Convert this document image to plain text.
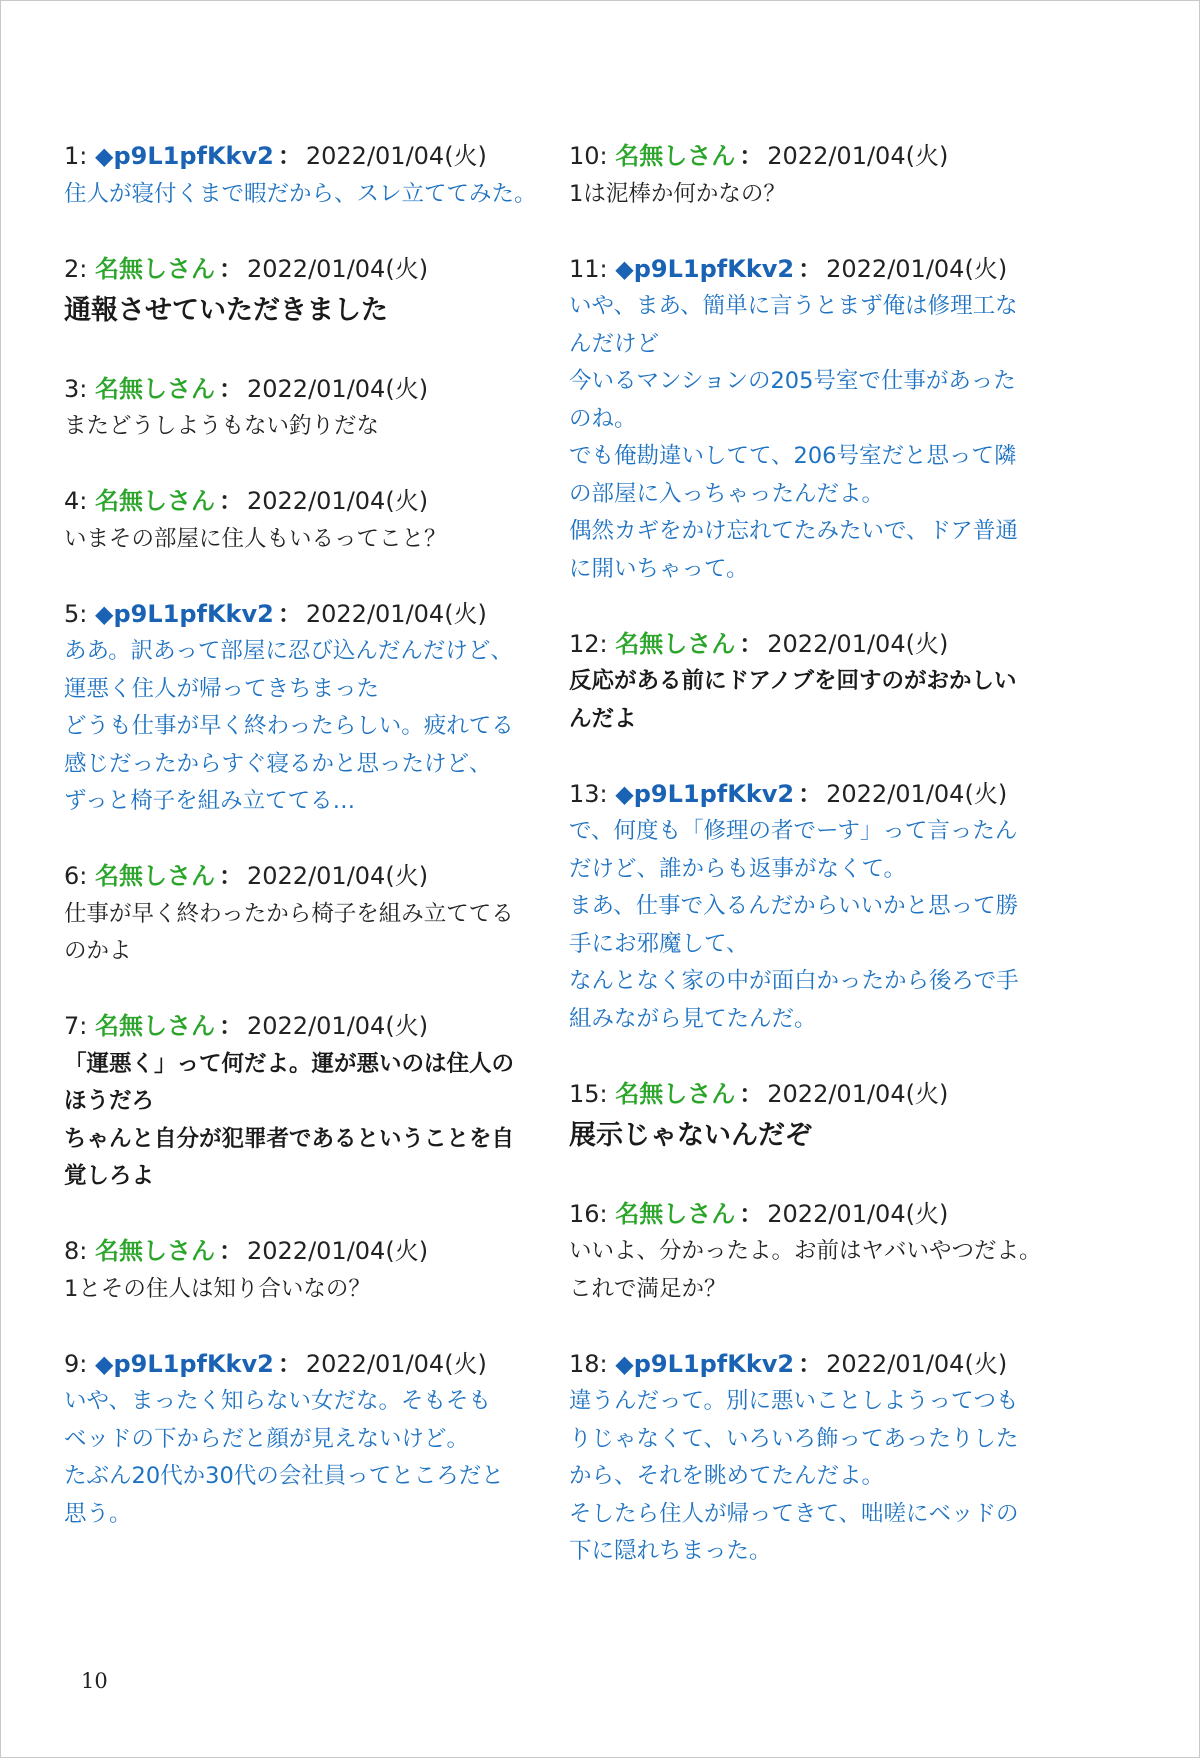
1: ◆p9L1pfKkv2 ： 2022/01/04(火)
住人が寝付くまで暇だから、スレ立ててみた。
2: 名無しさん ： 2022/01/04(火)
通報させていただきました
3: 名無しさん ： 2022/01/04(火)
またどうしようもない釣りだな
4: 名無しさん ： 2022/01/04(火)
いまその部屋に住人もいるってこと？
5: ◆p9L1pfKkv2 ： 2022/01/04(火)
ああ。訳あって部屋に忍び込んだんだけど、
運悪く住人が帰ってきちまった
どうも仕事が早く終わったらしい。疲れてる
感じだったからすぐ寝るかと思ったけど、
ずっと椅子を組み立ててる…
6: 名無しさん ： 2022/01/04(火)
仕事が早く終わったから椅子を組み立ててる
のかよ
7: 名無しさん ： 2022/01/04(火)
「運悪く」って何だよ。運が悪いのは住人の
ほうだろ
ちゃんと自分が犯罪者であるということを自
覚しろよ
8: 名無しさん ： 2022/01/04(火)
1とその住人は知り合いなの？
9: ◆p9L1pfKkv2 ： 2022/01/04(火)
いや、まったく知らない女だな。そもそも
ベッドの下からだと顔が見えないけど。
たぶん20代か30代の会社員ってところだと
思う。
10: 名無しさん ： 2022/01/04(火)
1は泥棒か何かなの？
11: ◆p9L1pfKkv2 ： 2022/01/04(火)
いや、まあ、簡単に言うとまず俺は修理工な
んだけど
今いるマンションの205号室で仕事があった
のね。
でも俺勘違いしてて、206号室だと思って隣
の部屋に入っちゃったんだよ。
偶然カギをかけ忘れてたみたいで、ドア普通
に開いちゃって。
12: 名無しさん ： 2022/01/04(火)
反応がある前にドアノブを回すのがおかしい
んだよ
13: ◆p9L1pfKkv2 ： 2022/01/04(火)
で、何度も「修理の者でーす」って言ったん
だけど、誰からも返事がなくて。
まあ、仕事で入るんだからいいかと思って勝
手にお邪魔して、
なんとなく家の中が面白かったから後ろで手
組みながら見てたんだ。
15: 名無しさん ： 2022/01/04(火)
展示じゃないんだぞ
16: 名無しさん ： 2022/01/04(火)
いいよ、分かったよ。お前はヤバいやつだよ。
これで満足か？
18: ◆p9L1pfKkv2 ： 2022/01/04(火)
違うんだって。別に悪いことしようってつも
りじゃなくて、いろいろ飾ってあったりした
から、それを眺めてたんだよ。
そしたら住人が帰ってきて、咄嗟にベッドの
下に隠れちまった。
10
